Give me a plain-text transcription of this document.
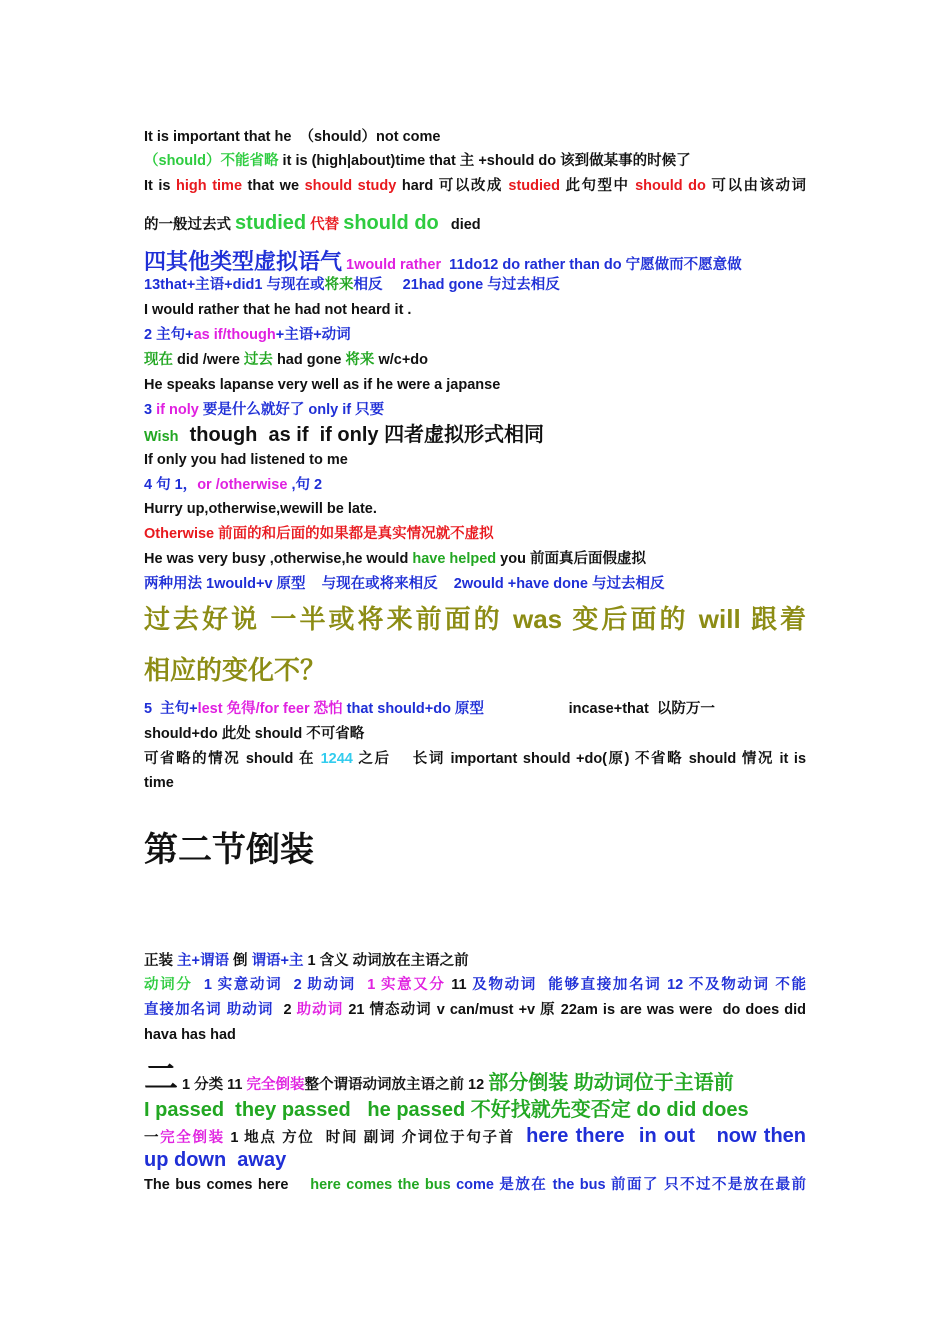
It is important that he  （should）not come
（should）不能省略 it is (high|about)time that 主 +should do 该到做某事的时候了
It is high time that we should study hard 可以改成 studied 此句型中 should do 可以由该动词
的一般过去式 studied 代替 should do   died
四其他类型虚拟语气 1would rather  11do12 do rather than do 宁愿做而不愿意做
13that+主语+did1 与现在或将来相反     21had gone 与过去相反
I would rather that he had not heard it .
2 主句+as if/though+主语+动词
现在 did /were 过去 had gone 将来 w/c+do
He speaks lapanse very well as if he were a japanse
3 if noly 要是什么就好了 only if 只要
Wish  though  as if  if only 四者虚拟形式相同
If only you had listened to me
4 句 1，or /otherwise ,句 2
Hurry up,otherwise,wewill be late.
Otherwise 前面的和后面的如果都是真实情况就不虚拟
He was very busy ,otherwise,he would have helped you 前面真后面假虚拟
两种用法 1would+v 原型    与现在或将来相反    2would +have done 与过去相反
过去好说 一半或将来前面的 was 变后面的 will 跟着
相应的变化不？
5  主句+lest 免得/for feer 恐怕 that should+do 原型                     incase+that  以防万一
should+do 此处 should 不可省略
可省略的情况 should 在 1244 之后    长词 important should +do(原) 不省略 should 情况 it is
time
第二节倒装
正装 主+谓语 倒 谓语+主 1 含义 动词放在主语之前
动词分  1 实意动词  2 助动词  1 实意又分 11 及物动词  能够直接加名词 12 不及物动词 不能
直接加名词 助动词  2 助动词 21 情态动词 v can/must +v 原 22am is are was were  do does did
hava has had
二 1 分类 11 完全倒装整个谓语动词放主语之前 12 部分倒装 助动词位于主语前
I passed  they passed   he passed 不好找就先变否定 do did does
一完全倒装 1 地点 方位  时间 副词 介词位于句子首  here there  in out   now then
up down  away
The bus comes here    here comes the bus come 是放在 the bus 前面了 只不过不是放在最前
